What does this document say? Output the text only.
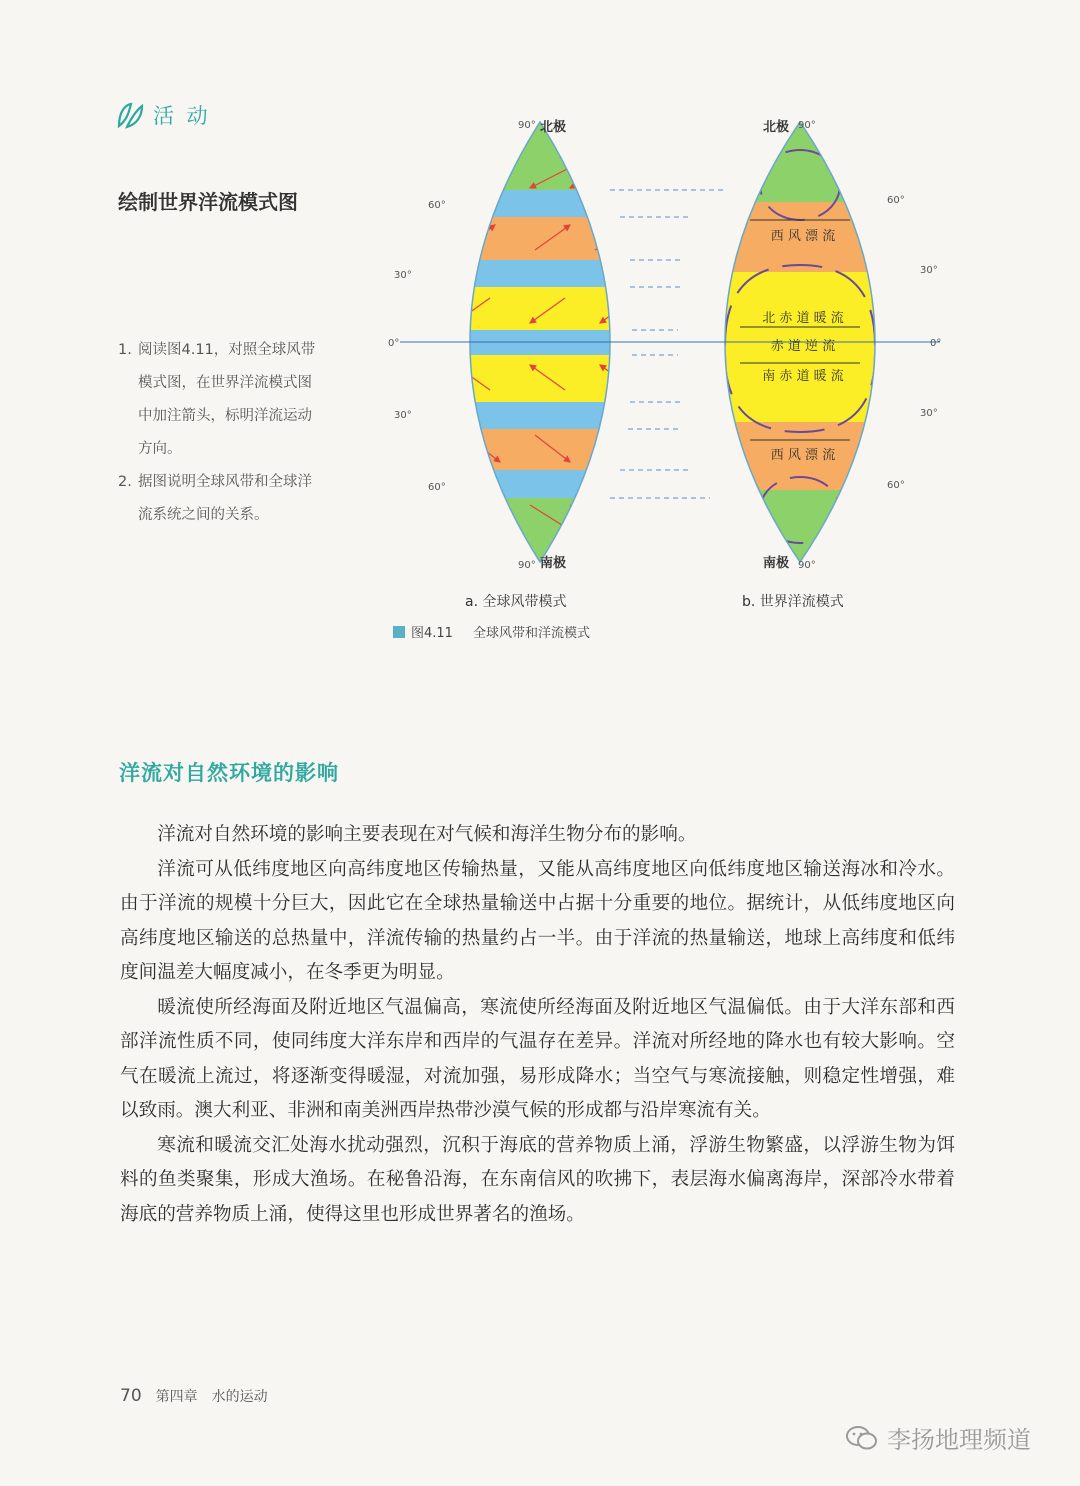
活 动
绘制世界洋流模式图
1. 阅读图4.11，对照全球风带
模式图，在世界洋流模式图
中加注箭头，标明洋流运动
方向。
2. 据图说明全球风带和全球洋
流系统之间的关系。
90°
60°
30°
0°
30°
60°
90°
北极
南极
a. 全球风带模式
90°
60°
30°
0°
30°
60°
90°
北极
南极
西 风 漂 流
北 赤 道 暖 流
赤 道 逆 流
南 赤 道 暖 流
西 风 漂 流
b. 世界洋流模式
图4.11 全球风带和洋流模式
洋流对自然环境的影响

洋流对自然环境的影响主要表现在对气候和海洋生物分布的影响。

洋流可从低纬度地区向高纬度地区传输热量，又能从高纬度地区向低纬度地区输送海冰和冷水。由于洋流的规模十分巨大，因此它在全球热量输送中占据十分重要的地位。据统计，从低纬度地区向高纬度地区输送的总热量中，洋流传输的热量约占一半。由于洋流的热量输送，地球上高纬度和低纬度间温差大幅度减小，在冬季更为明显。

暖流使所经海面及附近地区气温偏高，寒流使所经海面及附近地区气温偏低。由于大洋东部和西部洋流性质不同，使同纬度大洋东岸和西岸的气温存在差异。洋流对所经地的降水也有较大影响。空气在暖流上流过，将逐渐变得暖湿，对流加强，易形成降水；当空气与寒流接触，则稳定性增强，难以致雨。澳大利亚、非洲和南美洲西岸热带沙漠气候的形成都与沿岸寒流有关。

寒流和暖流交汇处海水扰动强烈，沉积于海底的营养物质上涌，浮游生物繁盛，以浮游生物为饵料的鱼类聚集，形成大渔场。在秘鲁沿海，在东南信风的吹拂下，表层海水偏离海岸，深部冷水带着海底的营养物质上涌，使得这里也形成世界著名的渔场。

70 第四章 水的运动
李扬地理频道
